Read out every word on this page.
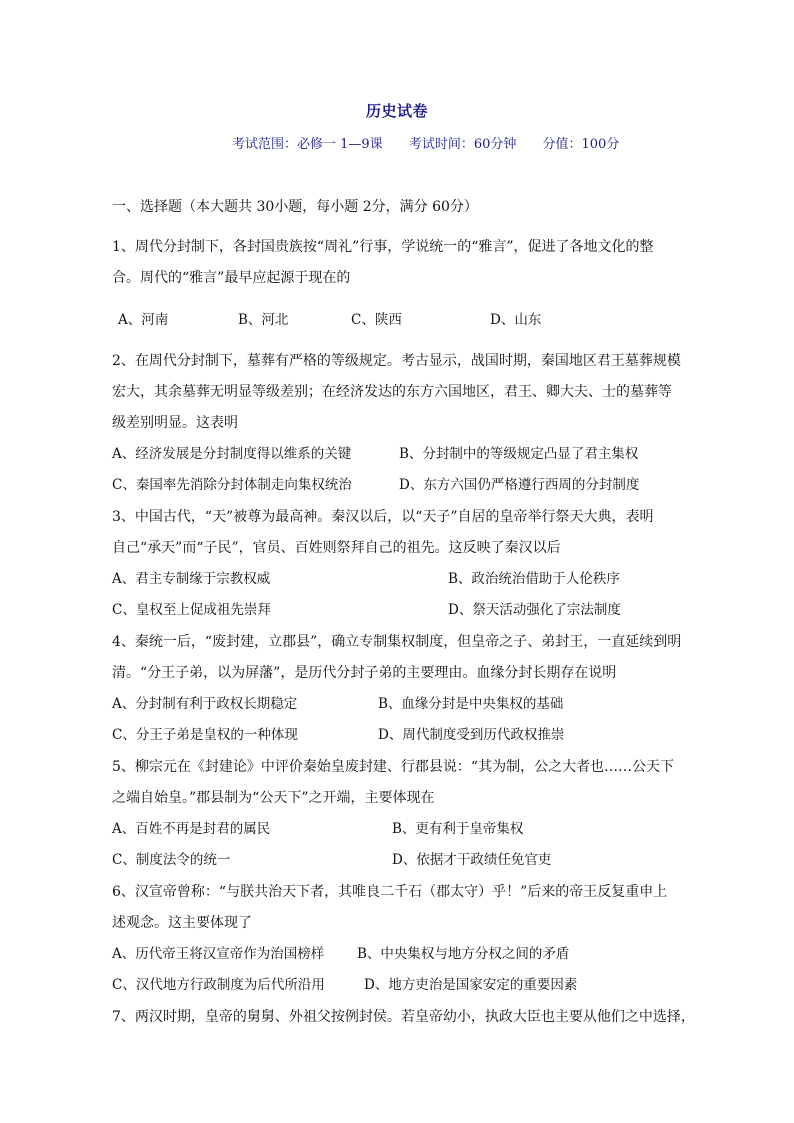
历史试卷
考试范围：必修一 1—9课 考试时间：60分钟 分值：100分
一、选择题（本大题共 30小题，每小题 2分，满分 60分）
1、周代分封制下，各封国贵族按“周礼”行事，学说统一的“雅言”，促进了各地文化的整
合。周代的“雅言”最早应起源于现在的
A、河南	B、河北	C、陕西	D、山东
2、在周代分封制下，墓葬有严格的等级规定。考古显示，战国时期，秦国地区君王墓葬规模
宏大，其余墓葬无明显等级差别；在经济发达的东方六国地区，君王、卿大夫、士的墓葬等
级差别明显。这表明
A、经济发展是分封制度得以维系的关键	B、分封制中的等级规定凸显了君主集权
C、秦国率先消除分封体制走向集权统治	D、东方六国仍严格遵行西周的分封制度
3、中国古代，“天”被尊为最高神。秦汉以后，以“天子”自居的皇帝举行祭天大典，表明
自己“承天”而“子民”，官员、百姓则祭拜自己的祖先。这反映了秦汉以后
A、君主专制缘于宗教权威	B、政治统治借助于人伦秩序
C、皇权至上促成祖先崇拜	D、祭天活动强化了宗法制度
4、秦统一后，“废封建，立郡县”，确立专制集权制度，但皇帝之子、弟封王，一直延续到明
清。“分王子弟，以为屏藩”，是历代分封子弟的主要理由。血缘分封长期存在说明
A、分封制有利于政权长期稳定	B、血缘分封是中央集权的基础
C、分王子弟是皇权的一种体现	D、周代制度受到历代政权推崇
5、柳宗元在《封建论》中评价秦始皇废封建、行郡县说：“其为制，公之大者也……公天下
之端自始皇。”郡县制为“公天下”之开端，主要体现在
A、百姓不再是封君的属民	B、更有利于皇帝集权
C、制度法令的统一	D、依据才干政绩任免官吏
6、汉宣帝曾称：“与朕共治天下者，其唯良二千石（郡太守）乎！”后来的帝王反复重申上
述观念。这主要体现了
A、历代帝王将汉宣帝作为治国榜样 B、中央集权与地方分权之间的矛盾
C、汉代地方行政制度为后代所沿用	D、地方吏治是国家安定的重要因素
7、两汉时期，皇帝的舅舅、外祖父按例封侯。若皇帝幼小，执政大臣也主要从他们之中选择，
